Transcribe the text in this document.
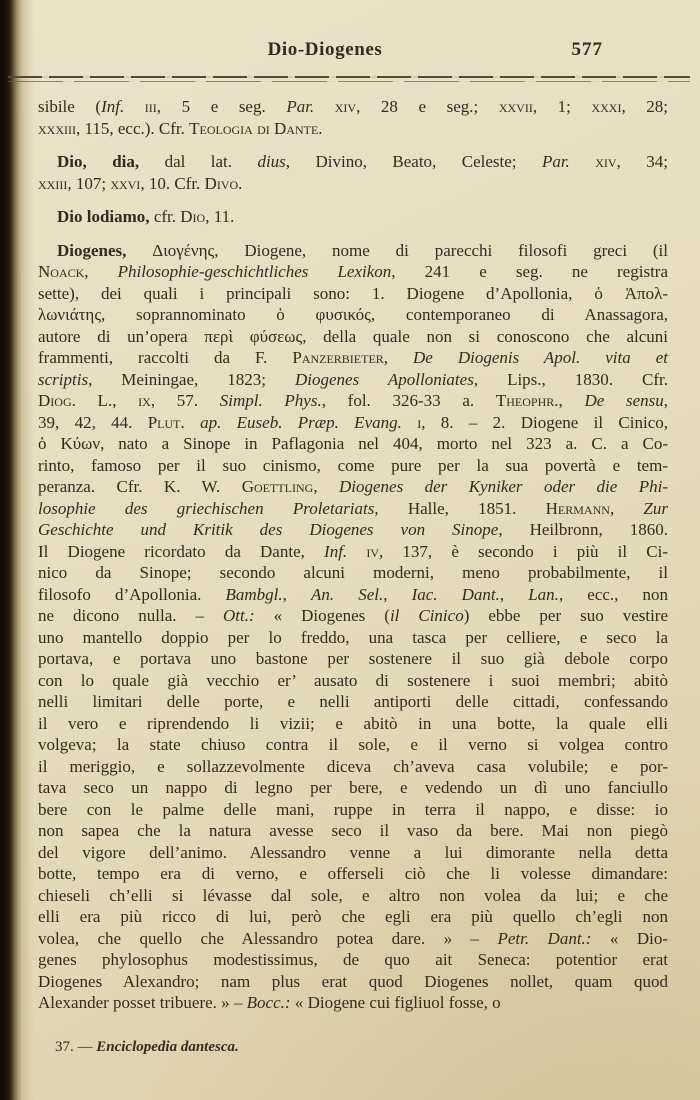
Dio-Diogenes	577
sibile (Inf. iii, 5 e seg. Par. xiv, 28 e seg.; xxvii, 1; xxxi, 28;
xxxiii, 115, ecc.). Cfr. Teologia di Dante.
Dio, dia, dal lat. dius, Divino, Beato, Celeste; Par. xiv, 34;
xxiii, 107; xxvi, 10. Cfr. Divo.
Dio lodiamo, cfr. Dio, 11.
Diogenes, Διογένης, Diogene, nome di parecchi filosofi greci (il
Noack, Philosophie-geschichtliches Lexikon, 241 e seg. ne registra
sette), dei quali i principali sono: 1. Diogene d’Apollonia, ὁ Ἀπολ-
λωνιάτης, soprannominato ὁ φυσικός, contemporaneo di Anassagora,
autore di un’opera περὶ φύσεως, della quale non si conoscono che alcuni
frammenti, raccolti da F. Panzerbieter, De Diogenis Apol. vita et
scriptis, Meiningae, 1823; Diogenes Apolloniates, Lips., 1830. Cfr.
Diog. L., ix, 57. Simpl. Phys., fol. 326-33 a. Theophr., De sensu,
39, 42, 44. Plut. ap. Euseb. Præp. Evang. i, 8. – 2. Diogene il Cinico,
ὁ Κύων, nato a Sinope in Paflagonia nel 404, morto nel 323 a. C. a Co-
rinto, famoso per il suo cinismo, come pure per la sua povertà e tem-
peranza. Cfr. K. W. Goettling, Diogenes der Kyniker oder die Phi-
losophie des griechischen Proletariats, Halle, 1851. Hermann, Zur
Geschichte und Kritik des Diogenes von Sinope, Heilbronn, 1860.
Il Diogene ricordato da Dante, Inf. iv, 137, è secondo i più il Ci-
nico da Sinope; secondo alcuni moderni, meno probabilmente, il
filosofo d’Apollonia. Bambgl., An. Sel., Iac. Dant., Lan., ecc., non
ne dicono nulla. – Ott.: « Diogenes (il Cinico) ebbe per suo vestire
uno mantello doppio per lo freddo, una tasca per celliere, e seco la
portava, e portava uno bastone per sostenere il suo già debole corpo
con lo quale già vecchio er’ ausato di sostenere i suoi membri; abitò
nelli limitari delle porte, e nelli antiporti delle cittadi, confessando
il vero e riprendendo li vizii; e abitò in una botte, la quale elli
volgeva; la state chiuso contra il sole, e il verno si volgea contro
il meriggio, e sollazzevolmente diceva ch’aveva casa volubile; e por-
tava seco un nappo di legno per bere, e vedendo un dì uno fanciullo
bere con le palme delle mani, ruppe in terra il nappo, e disse: io
non sapea che la natura avesse seco il vaso da bere. Mai non piegò
del vigore dell’animo. Alessandro venne a lui dimorante nella detta
botte, tempo era di verno, e offerseli ciò che li volesse dimandare:
chieseli ch’elli si lévasse dal sole, e altro non volea da lui; e che
elli era più ricco di lui, però che egli era più quello ch’egli non
volea, che quello che Alessandro potea dare. » – Petr. Dant.: « Dio-
genes phylosophus modestissimus, de quo ait Seneca: potentior erat
Diogenes Alexandro; nam plus erat quod Diogenes nollet, quam quod
Alexander posset tribuere. » – Bocc.: « Diogene cui figliuol fosse, o
37. — Enciclopedia dantesca.
